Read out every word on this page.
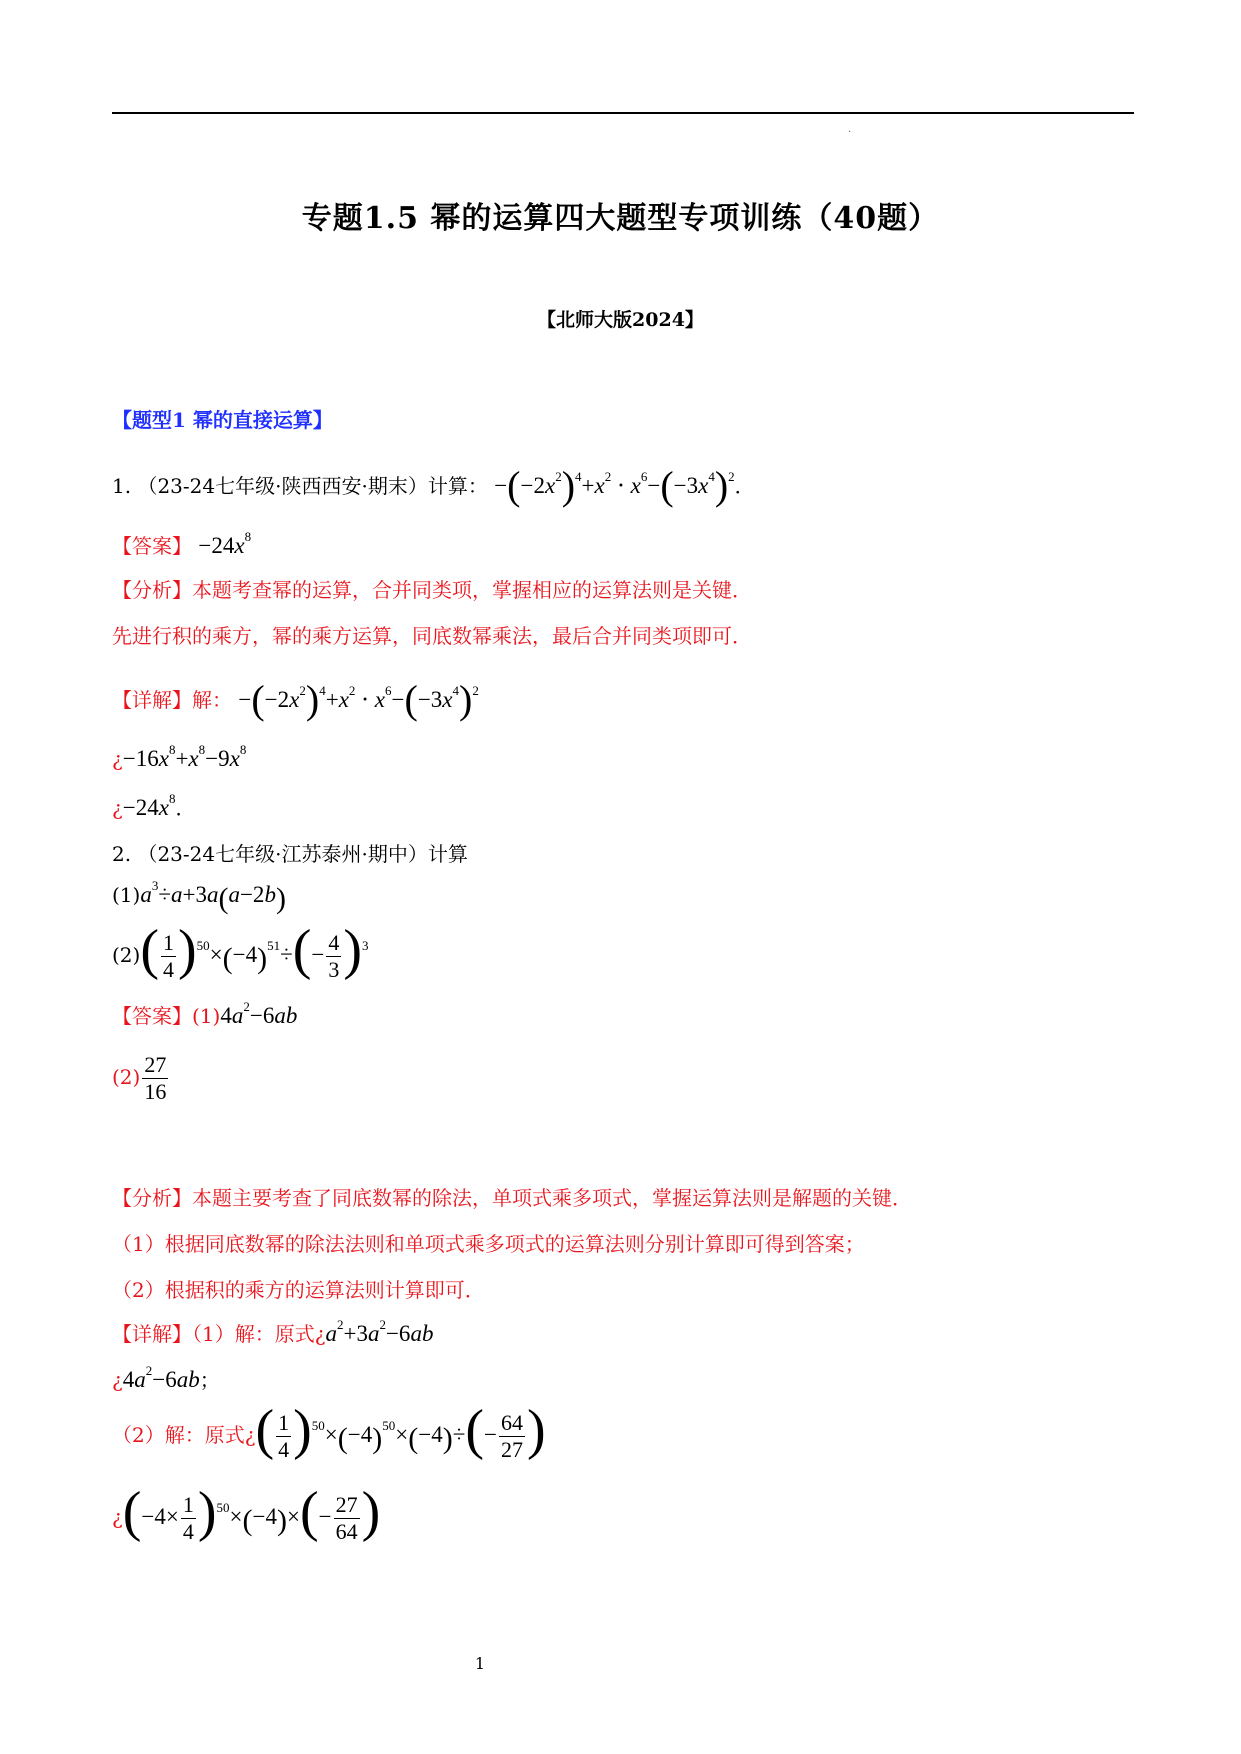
.
专题1.5 幂的运算四大题型专项训练（40题）
【北师大版2024】
【题型1 幂的直接运算】
1. （23-24七年级·陕西西安·期末）计算： $-(-2x^2)^4+x^2 \cdot x^6-(-3x^4)^2$．
【答案】 $-24x^8$
【分析】本题考查幂的运算，合并同类项，掌握相应的运算法则是关键．
先进行积的乘方，幂的乘方运算，同底数幂乘法，最后合并同类项即可．
【详解】解： $-(-2x^2)^4+x^2 \cdot x^6-(-3x^4)^2$
¿$-16x^8+x^8-9x^8$
¿$-24x^8$．
2. （23-24七年级·江苏泰州·期中）计算
$(1)a^3\div a+3a(a-2b)$
$(2)( \frac{1}{4} )^{50}\times(-4)^{51}\div(- \frac{4}{3} )^3$
【答案】$(1)4a^2-6ab$
$(2) \frac{27}{16}$
【分析】本题主要考查了同底数幂的除法，单项式乘多项式，掌握运算法则是解题的关键．
（1）根据同底数幂的除法法则和单项式乘多项式的运算法则分别计算即可得到答案；
（2）根据积的乘方的运算法则计算即可．
【详解】（1）解：原式¿$a^2+3a^2-6ab$
¿$4a^2-6ab$；
（2）解：原式¿( $\frac{1}{4} )^{50}\times(-4)^{50}\times(-4)\div(- \frac{64}{27}$ )
¿$(-4\times \frac{1}{4} )^{50}\times(-4)\times(- \frac{27}{64}$ )
1
